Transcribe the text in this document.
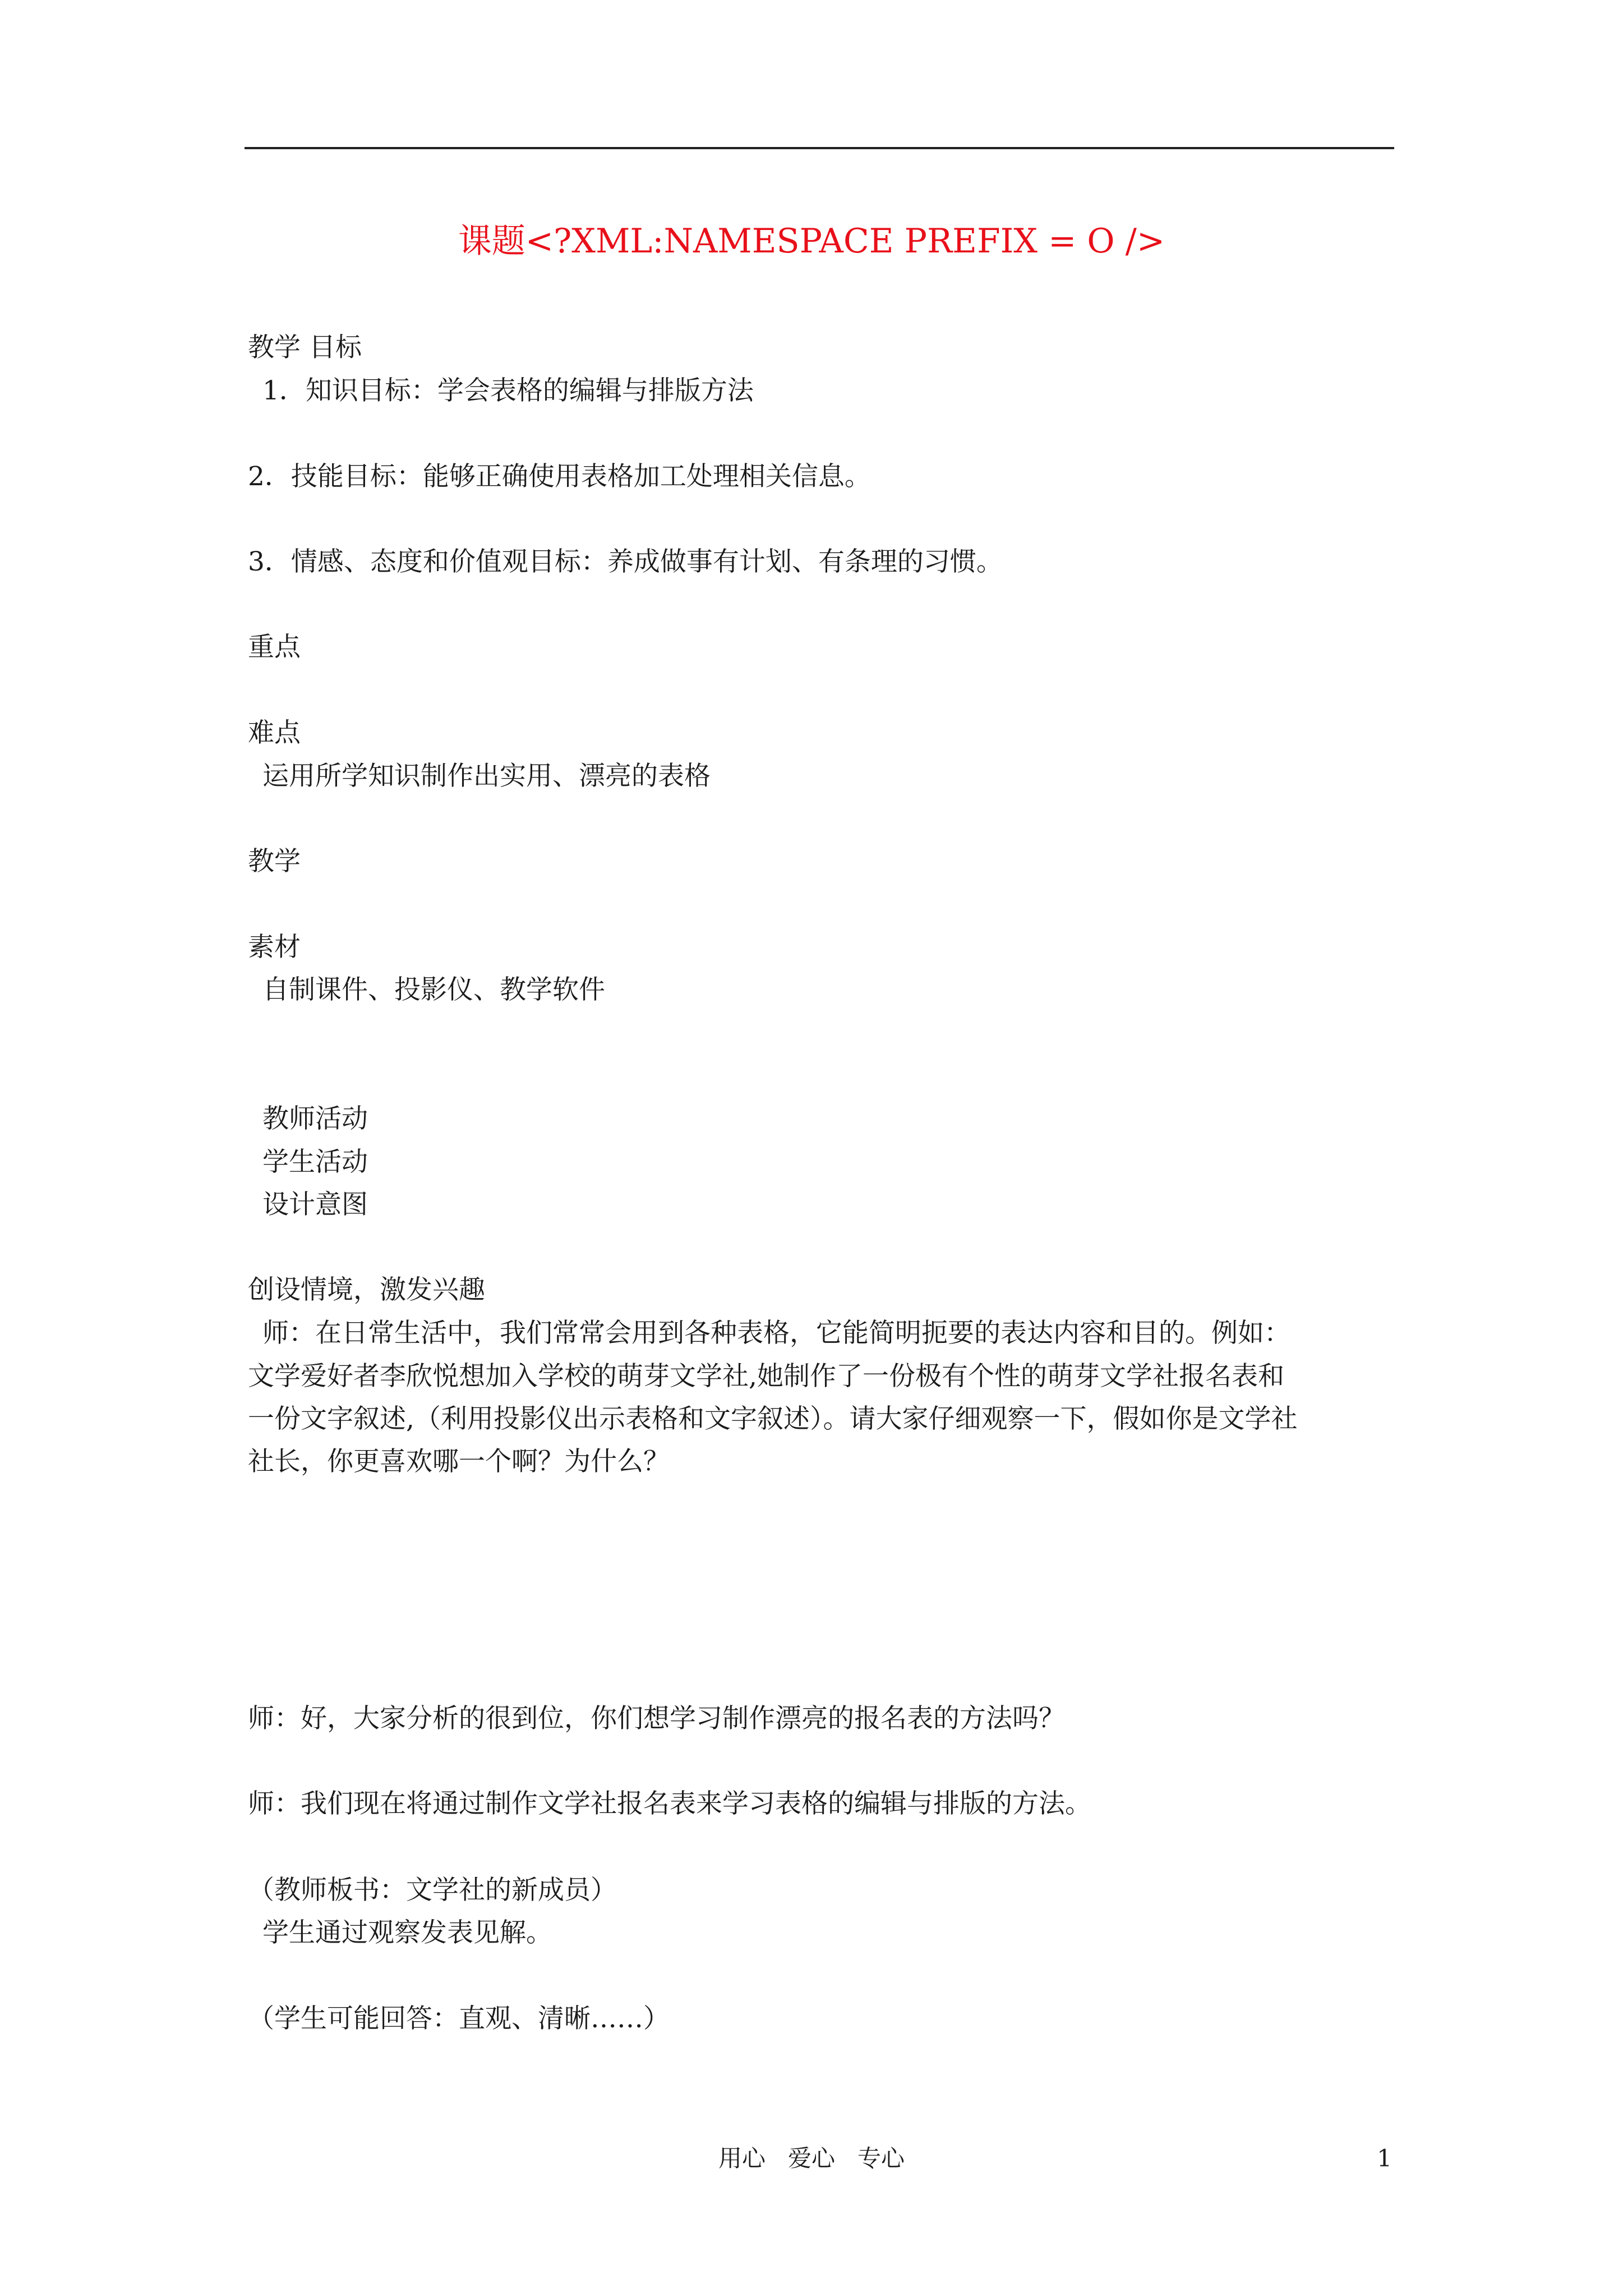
课题<?XML:NAMESPACE PREFIX = O />
教学 目标
1．知识目标：学会表格的编辑与排版方法
2．技能目标：能够正确使用表格加工处理相关信息。
3．情感、态度和价值观目标：养成做事有计划、有条理的习惯。
重点
难点
运用所学知识制作出实用、漂亮的表格
教学
素材
自制课件、投影仪、教学软件
教师活动
学生活动
设计意图
创设情境，激发兴趣
师：在日常生活中，我们常常会用到各种表格，它能简明扼要的表达内容和目的。例如：
文学爱好者李欣悦想加入学校的萌芽文学社,她制作了一份极有个性的萌芽文学社报名表和
一份文字叙述,（利用投影仪出示表格和文字叙述）。请大家仔细观察一下，假如你是文学社
社长，你更喜欢哪一个啊？为什么？
师：好，大家分析的很到位，你们想学习制作漂亮的报名表的方法吗？
师：我们现在将通过制作文学社报名表来学习表格的编辑与排版的方法。
（教师板书：文学社的新成员）
学生通过观察发表见解。
（学生可能回答：直观、清晰……）
用心   爱心   专心	1
